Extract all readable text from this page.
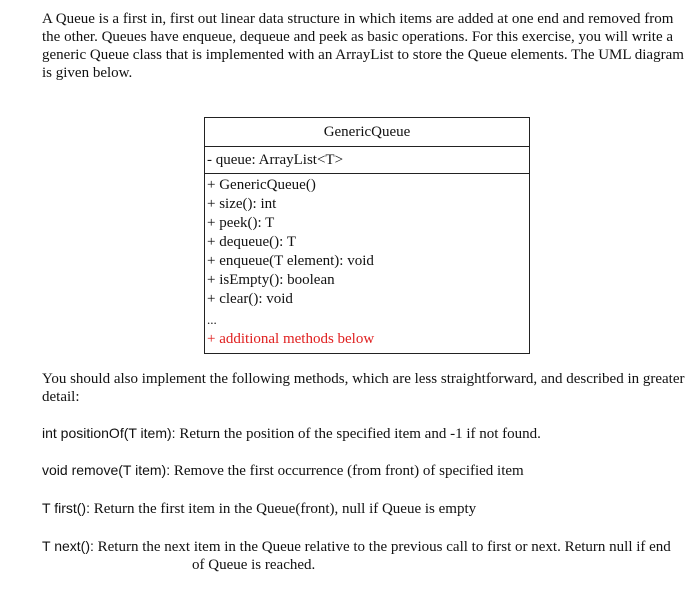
A Queue is a first in, first out linear data structure in which items are added at one end and removed from the other. Queues have enqueue, dequeue and peek as basic operations. For this exercise, you will write a generic Queue class that is implemented with an ArrayList to store the Queue elements. The UML diagram is given below.

GenericQueue
- queue: ArrayList<T>
+ GenericQueue()
+ size(): int
+ peek(): T
+ dequeue(): T
+ enqueue(T element): void
+ isEmpty(): boolean
+ clear(): void
...
+ additional methods below

You should also implement the following methods, which are less straightforward, and described in greater detail:

int positionOf(T item): Return the position of the specified item and -1 if not found.

void remove(T item): Remove the first occurrence (from front) of specified item

T first(): Return the first item in the Queue(front), null if Queue is empty

T next(): Return the next item in the Queue relative to the previous call to first or next. Return null if end

of Queue is reached.
